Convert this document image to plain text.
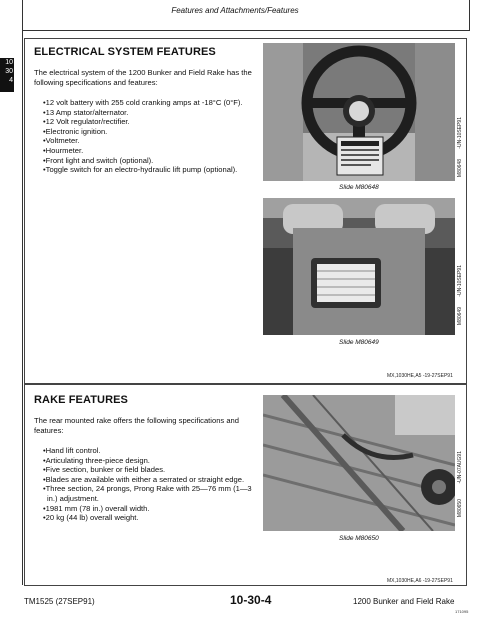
Features and Attachments/Features
10
30
4
ELECTRICAL SYSTEM FEATURES
The electrical system of the 1200 Bunker and Field Rake has the following specifications and features:
•12 volt battery with 255 cold cranking amps at -18°C (0°F).
•13 Amp stator/alternator.
•12 Volt regulator/rectifier.
•Electronic ignition.
•Voltmeter.
•Hourmeter.
•Front light and switch (optional).
•Toggle switch for an electro-hydraulic lift pump (optional).
-UN-10SEP91
M80648
Slide M80648
-UN-10SEP91
M80649
Slide M80649
MX,1030HE,A5 -19-27SEP91
RAKE FEATURES
The rear mounted rake offers the following specifications and features:
•Hand lift control.
•Articulating three-piece design.
•Five section, bunker or field blades.
•Blades are available with either a serrated or straight edge.
•Three section, 24 prongs, Prong Rake with 25—76 mm (1—3 in.) adjustment.
•1981 mm (78 in.) overall width.
•20 kg (44 lb) overall weight.
-UN-07AUG91
M80650
Slide M80650
MX,1030HE,A6 -19-27SEP91
TM1525 (27SEP91)	10-30-4	1200 Bunker and Field Rake
171095
